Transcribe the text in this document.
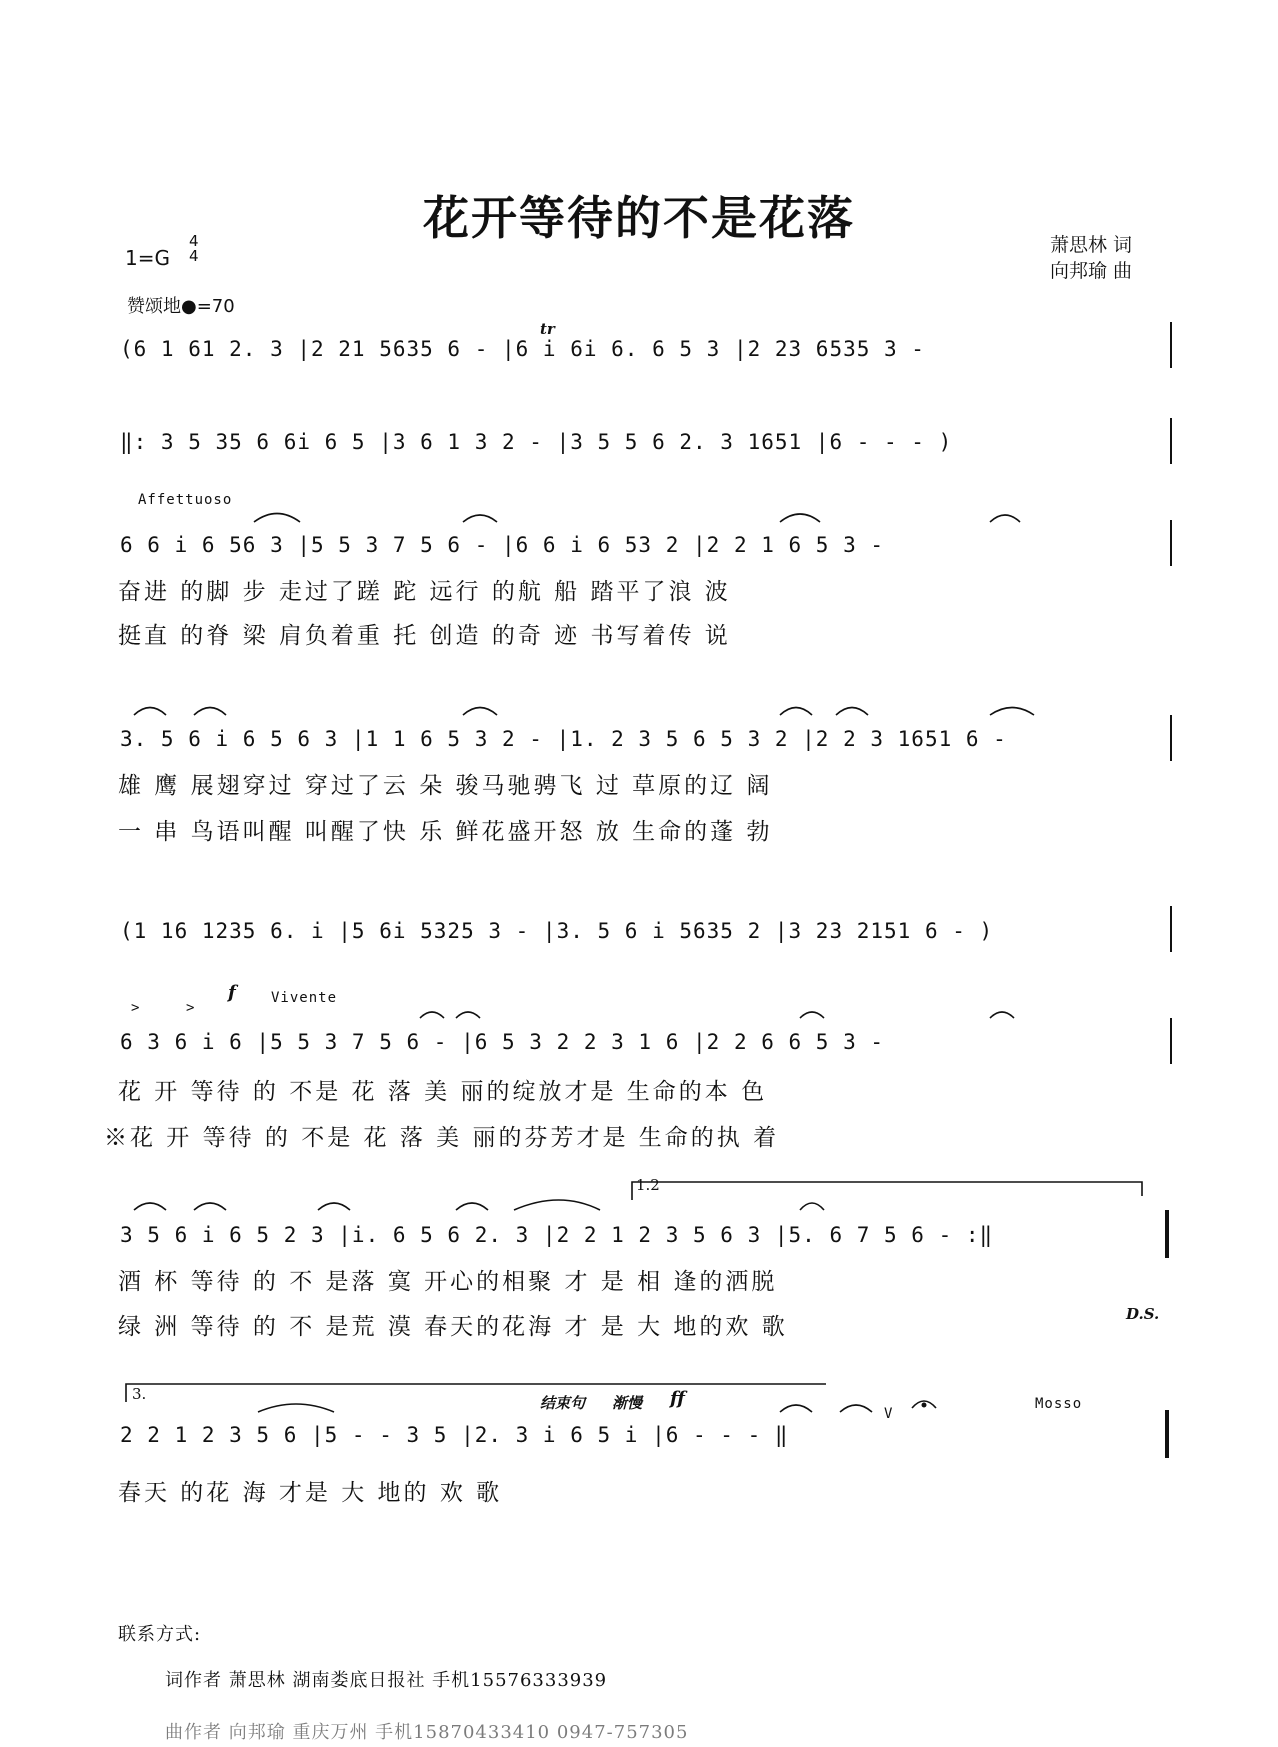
花开等待的不是花落	萧思林 词
向邦瑜 曲
1=G
4
4
赞颂地●=70
Affettuoso
tr
>	>
f	Vivente
1.2
3.
D.S.
结束句 渐慢 ff	Mosso
V
(6 1 61 2. 3 |2 21 5635 6 - |6 i 6i 6. 6 5 3 |2 23 6535 3 -
‖: 3 5 35 6 6i 6 5 |3 6 1 3 2 - |3 5 5 6 2. 3 1651 |6 - - - )
6 6 i 6 56 3 |5 5 3 7 5 6 - |6 6 i 6 53 2 |2 2 1 6 5 3 -
奋进 的脚 步 走过了蹉 跎 远行 的航 船 踏平了浪 波
挺直 的脊 梁 肩负着重 托 创造 的奇 迹 书写着传 说
3. 5 6 i 6 5 6 3 |1 1 6 5 3 2 - |1. 2 3 5 6 5 3 2 |2 2 3 1651 6 -
雄 鹰 展翅穿过 穿过了云 朵 骏马驰骋飞 过 草原的辽 阔
一 串 鸟语叫醒 叫醒了快 乐 鲜花盛开怒 放 生命的蓬 勃
(1 16 1235 6. i |5 6i 5325 3 - |3. 5 6 i 5635 2 |3 23 2151 6 - )
6 3 6 i 6 |5 5 3 7 5 6 - |6 5 3 2 2 3 1 6 |2 2 6 6 5 3 -
花 开 等待 的 不是 花 落 美 丽的绽放才是 生命的本 色
※花 开 等待 的 不是 花 落 美 丽的芬芳才是 生命的执 着
3 5 6 i 6 5 2 3 |i. 6 5 6 2. 3 |2 2 1 2 3 5 6 3 |5. 6 7 5 6 - :‖
酒 杯 等待 的 不 是落 寞 开心的相聚 才 是 相 逢的洒脱
绿 洲 等待 的 不 是荒 漠 春天的花海 才 是 大 地的欢 歌
2 2 1 2 3 5 6 |5 - - 3 5 |2. 3 i 6 5 i |6 - - - ‖
春天 的花 海 才是 大 地的 欢 歌
联系方式:
词作者 萧思林 湖南娄底日报社 手机15576333939
曲作者 向邦瑜 重庆万州 手机15870433410 0947-757305
